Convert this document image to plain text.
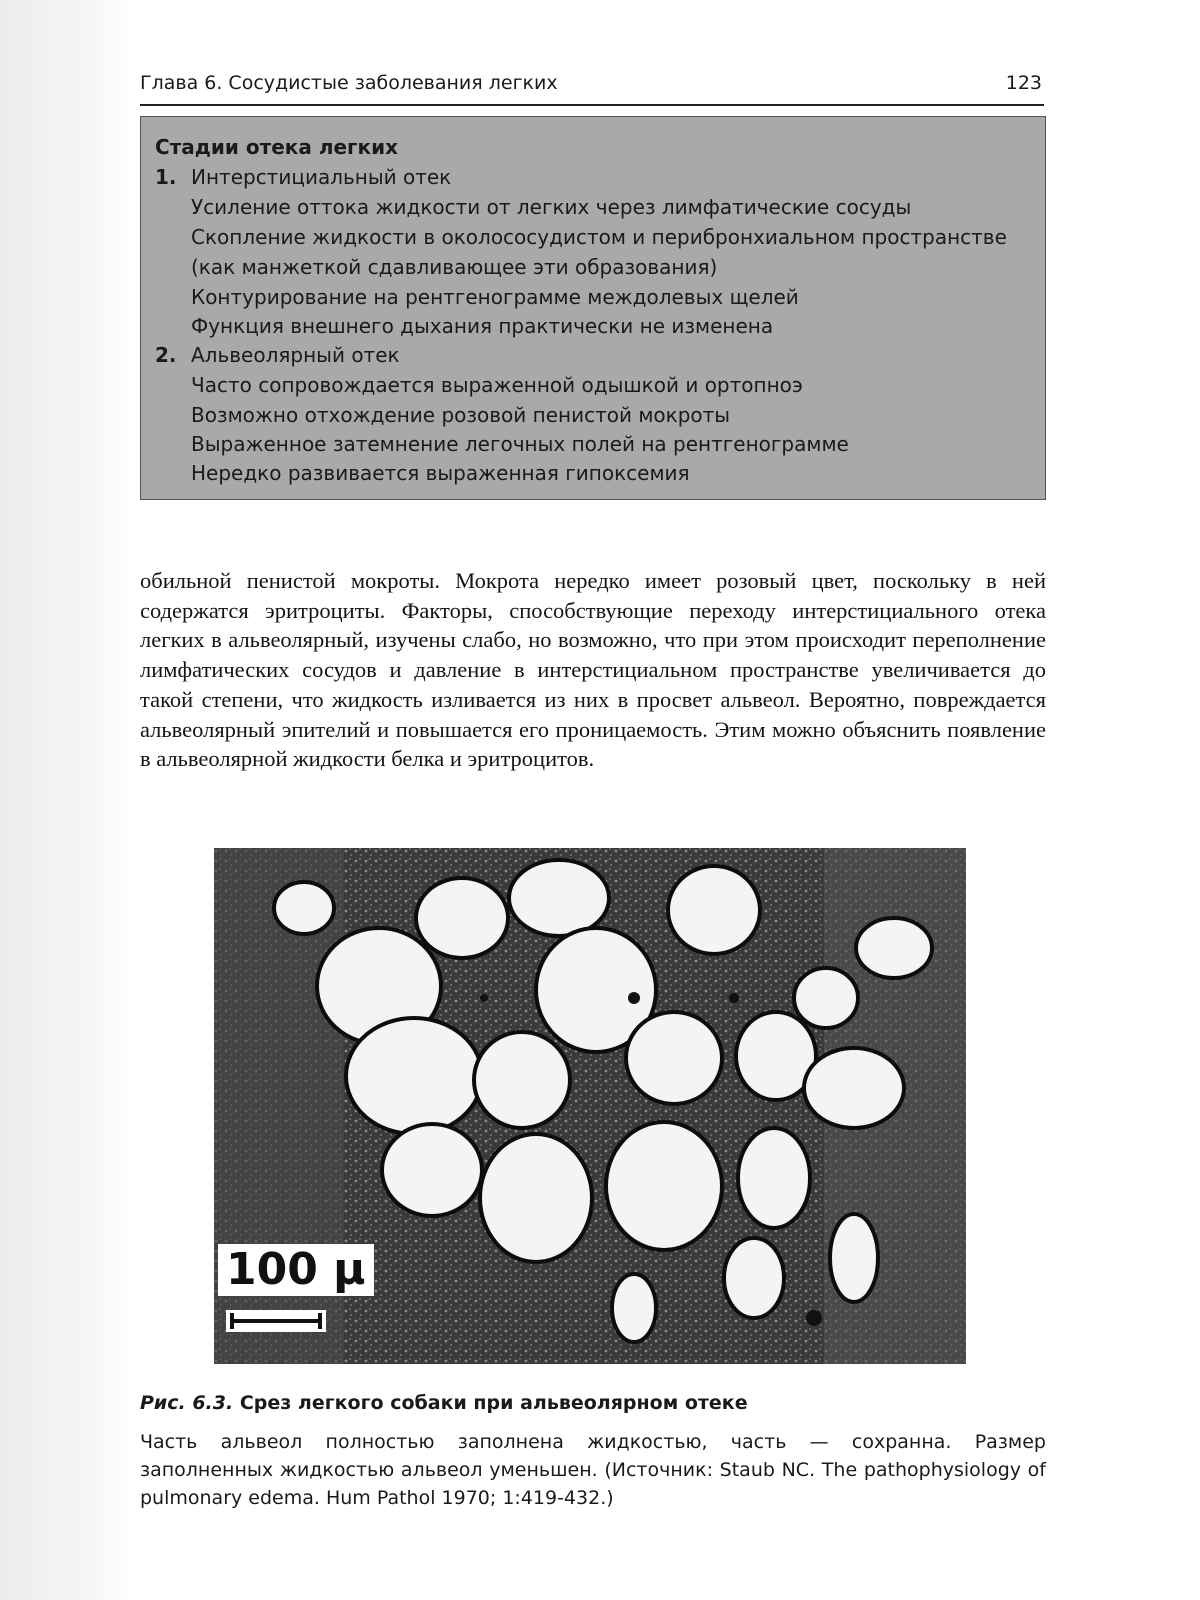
Глава 6. Сосудистые заболевания легких	123
Стадии отека легких
1. Интерстициальный отек
Усиление оттока жидкости от легких через лимфатические сосуды
Скопление жидкости в околососудистом и перибронхиальном пространстве
(как манжеткой сдавливающее эти образования)
Контурирование на рентгенограмме междолевых щелей
Функция внешнего дыхания практически не изменена
2. Альвеолярный отек
Часто сопровождается выраженной одышкой и ортопноэ
Возможно отхождение розовой пенистой мокроты
Выраженное затемнение легочных полей на рентгенограмме
Нередко развивается выраженная гипоксемия
обильной пенистой мокроты. Мокрота нередко имеет розовый цвет, поскольку в ней содержатся эритроциты. Факторы, способствующие переходу интерстициального отека легких в альвеолярный, изучены слабо, но возможно, что при этом происходит переполнение лимфатических сосудов и давление в интерстициальном пространстве увеличивается до такой степени, что жидкость изливается из них в просвет альвеол. Вероятно, повреждается альвеолярный эпителий и повышается его проницаемость. Этим можно объяснить появление в альвеолярной жидкости белка и эритроцитов.
100 μ
Рис. 6.3. Срез легкого собаки при альвеолярном отеке
Часть альвеол полностью заполнена жидкостью, часть — сохранна. Размер заполненных жидкостью альвеол уменьшен. (Источник: Staub NC. The pathophysiology of pulmonary edema. Hum Pathol 1970; 1:419-432.)
